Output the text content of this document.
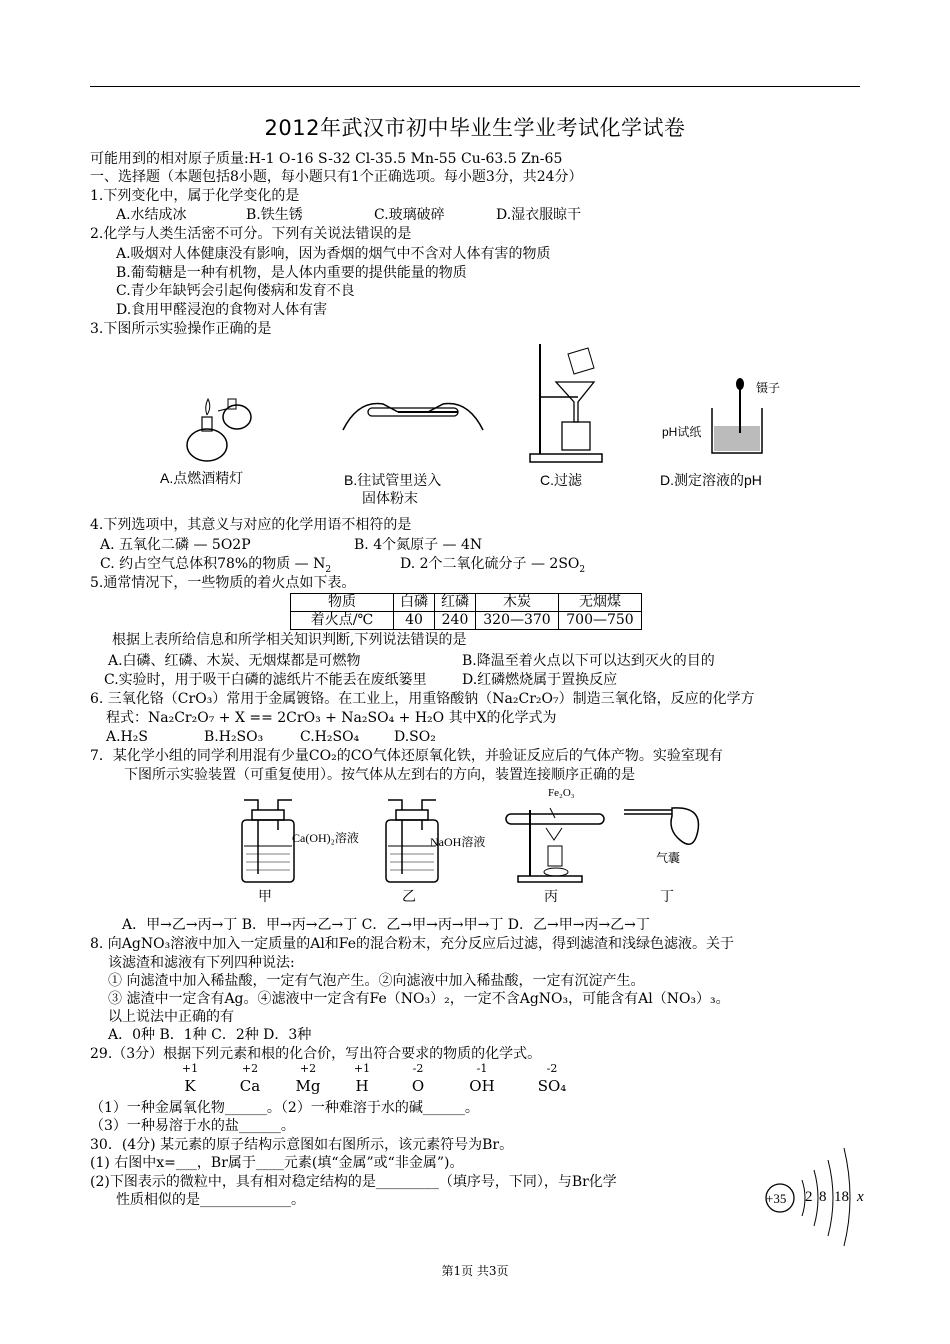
2012年武汉市初中毕业生学业考试化学试卷
可能用到的相对原子质量:H-1 O-16 S-32 Cl-35.5 Mn-55 Cu-63.5 Zn-65
一、选择题（本题包括8小题，每小题只有1个正确选项。每小题3分，共24分）
1.下列变化中，属于化学变化的是
A.水结成冰	B.铁生锈	C.玻璃破碎	D.湿衣服晾干
2.化学与人类生活密不可分。下列有关说法错误的是
A.吸烟对人体健康没有影响，因为香烟的烟气中不含对人体有害的物质
B.葡萄糖是一种有机物，是人体内重要的提供能量的物质
C.青少年缺钙会引起佝偻病和发育不良
D.食用甲醛浸泡的食物对人体有害
3.下图所示实验操作正确的是
镊子
pH试纸
A.点燃酒精灯	B.往试管里送入
固体粉末
C.过滤	D.测定溶液的pH
4.下列选项中，其意义与对应的化学用语不相符的是
A. 五氧化二磷 — 5O2P	B. 4个氮原子 — 4N
C. 约占空气总体积78%的物质 — $N_2$	D. 2个二氧化硫分子 — $2SO_2$
5.通常情况下，一些物质的着火点如下表。
物质	白磷	红磷	木炭	无烟煤
着火点/℃	40	240	320—370	700—750
根据上表所给信息和所学相关知识判断,下列说法错误的是
A.白磷、红磷、木炭、无烟煤都是可燃物	B.降温至着火点以下可以达到灭火的目的
C.实验时，用于吸干白磷的滤纸片不能丢在废纸篓里	D.红磷燃烧属于置换反应
6. 三氧化铬（CrO₃）常用于金属镀铬。在工业上，用重铬酸钠（Na₂Cr₂O₇）制造三氧化铬，反应的化学方
程式：Na₂Cr₂O₇ + X == 2CrO₃ + Na₂SO₄ + H₂O 其中X的化学式为
A.H₂S	B.H₂SO₃	C.H₂SO₄ D.SO₂
7．某化学小组的同学利用混有少量CO₂的CO气体还原氧化铁，并验证反应后的气体产物。实验室现有
下图所示实验装置（可重复使用）。按气体从左到右的方向，装置连接顺序正确的是
Ca(OH)₂溶液	NaOH溶液
Fe₂O₃
气囊
甲	乙	丙	丁
A．甲→乙→丙→丁 B．甲→丙→乙→丁 C．乙→甲→丙→甲→丁 D．乙→甲→丙→乙→丁
8. 向AgNO₃溶液中加入一定质量的Al和Fe的混合粉末，充分反应后过滤，得到滤渣和浅绿色滤液。关于
该滤渣和滤液有下列四种说法:
① 向滤渣中加入稀盐酸，一定有气泡产生。②向滤液中加入稀盐酸，一定有沉淀产生。
③ 滤渣中一定含有Ag。④滤液中一定含有Fe（NO₃）₂，一定不含AgNO₃，可能含有Al（NO₃）₃。
以上说法中正确的有
A．0种 B．1种 C．2种 D．3种
29.（3分）根据下列元素和根的化合价，写出符合要求的物质的化学式。
+1	+2	+2	+1	-2	-1	-2
K	Ca	Mg	H	O	OH	SO₄
（1）一种金属氧化物______。（2）一种难溶于水的碱______。
（3）一种易溶于水的盐______。
30．(4分) 某元素的原子结构示意图如右图所示，该元素符号为Br。
(1) 右图中x=___，Br属于____元素(填“金属”或“非金属”)。
(2)下图表示的微粒中，具有相对稳定结构的是_________（填序号，下同），与Br化学
性质相似的是_____________。	+35 2 8 18 x
第1页 共3页
